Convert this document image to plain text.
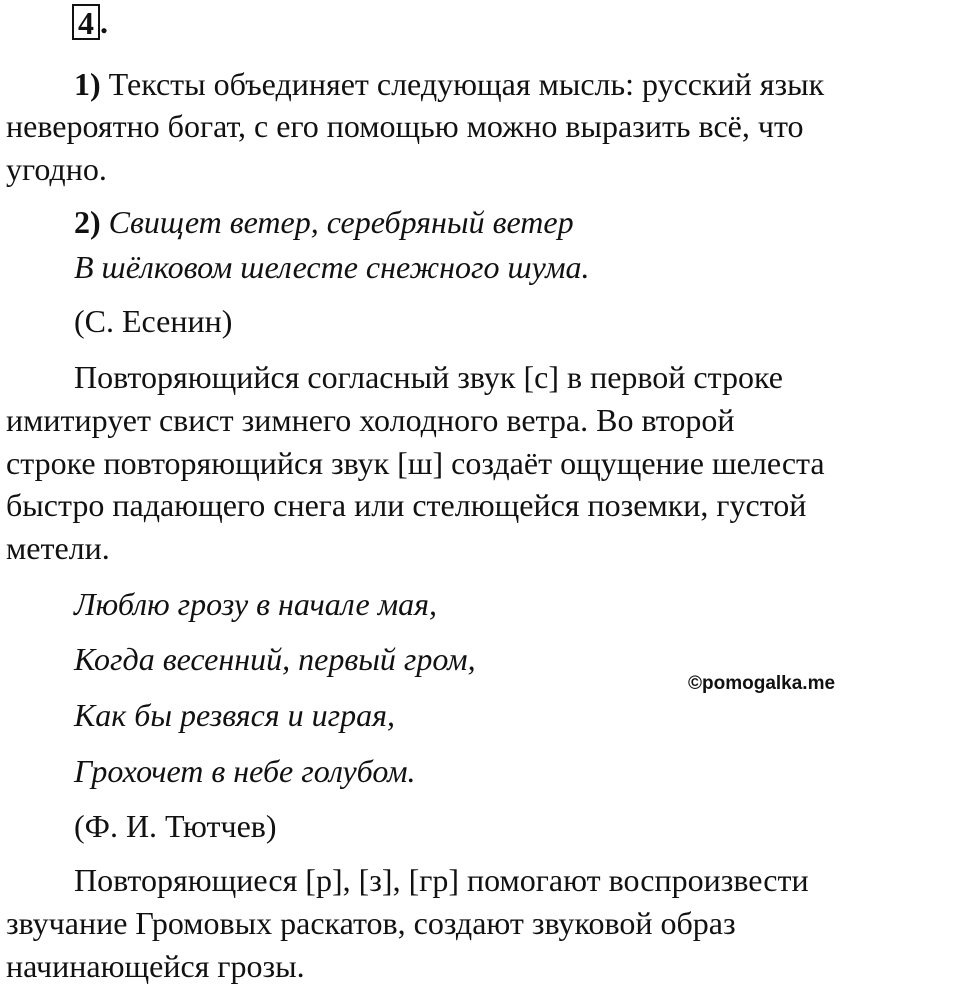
4 .
1) Тексты объединяет следующая мысль: русский язык
невероятно богат, с его помощью можно выразить всё, что
угодно.
2) Свищет ветер, серебряный ветер
В шёлковом шелесте снежного шума.
(С. Есенин)
Повторяющийся согласный звук [с] в первой строке
имитирует свист зимнего холодного ветра. Во второй
строке повторяющийся звук [ш] создаёт ощущение шелеста
быстро падающего снега или стелющейся поземки, густой
метели.
Люблю грозу в начале мая,
Когда весенний, первый гром,
Как бы резвяся и играя,
Грохочет в небе голубом.
(Ф. И. Тютчев)
Повторяющиеся [р], [з], [гр] помогают воспроизвести
звучание Громовых раскатов, создают звуковой образ
начинающейся грозы.
©pomogalka.me
